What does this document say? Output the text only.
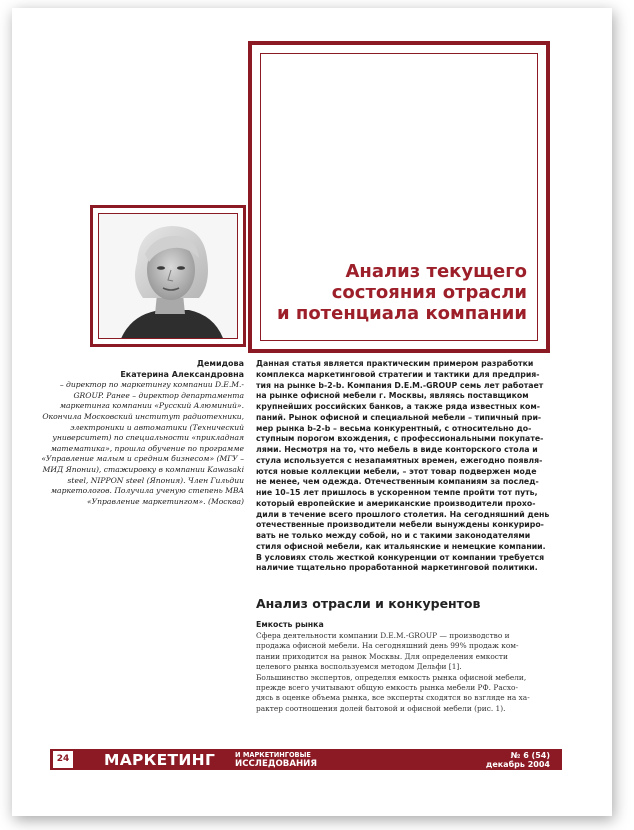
Анализ текущего
состояния отрасли
и потенциала компании
Демидова
Екатерина Александровна
– директор по маркетингу компании D.E.M.-GROUP. Ранее – директор департамента маркетинга компании «Русский Алюминий». Окончила Московский институт радиотехники, электроники и автоматики (Технический университет) по специальности «прикладная математика», прошла обучение по программе «Управление малым и средним бизнесом» (МГУ – МИД Японии), стажировку в компании Kawasaki steel, NIPPON steel (Япония). Член Гильдии маркетологов. Получила ученую степень MBA «Управление маркетингом». (Москва)

Данная статья является практическим примером разработки
комплекса маркетинговой стратегии и тактики для предприя-
тия на рынке b-2-b. Компания D.E.M.-GROUP семь лет работает
на рынке офисной мебели г. Москвы, являясь поставщиком
крупнейших российских банков, а также ряда известных ком-
паний. Рынок офисной и специальной мебели – типичный при-
мер рынка b-2-b – весьма конкурентный, с относительно до-
ступным порогом вхождения, с профессиональными покупате-
лями. Несмотря на то, что мебель в виде конторского стола и
стула используется с незапамятных времен, ежегодно появля-
ются новые коллекции мебели, – этот товар подвержен моде
не менее, чем одежда. Отечественным компаниям за послед-
ние 10–15 лет пришлось в ускоренном темпе пройти тот путь,
который европейские и американские производители прохо-
дили в течение всего прошлого столетия. На сегодняшний день
отечественные производители мебели вынуждены конкуриро-
вать не только между собой, но и с такими законодателями
стиля офисной мебели, как итальянские и немецкие компании.
В условиях столь жесткой конкуренции от компании требуется
наличие тщательно проработанной маркетинговой политики.

Анализ отрасли и конкурентов
Емкость рынка

Сфера деятельности компании D.E.M.-GROUP — производство и
продажа офисной мебели. На сегодняшний день 99% продаж ком-
пании приходится на рынок Москвы. Для определения емкости
целевого рынка воспользуемся методом Дельфи [1].
Большинство экспертов, определяя емкость рынка офисной мебели,
прежде всего учитывают общую емкость рынка мебели РФ. Расхо-
дясь в оценке объема рынка, все эксперты сходятся во взгляде на ха-
рактер соотношения долей бытовой и офисной мебели (рис. 1).

24 МАРКЕТИНГ	И МАРКЕТИНГОВЫЕ
ИССЛЕДОВАНИЯ
№ 6 (54)
декабрь 2004
